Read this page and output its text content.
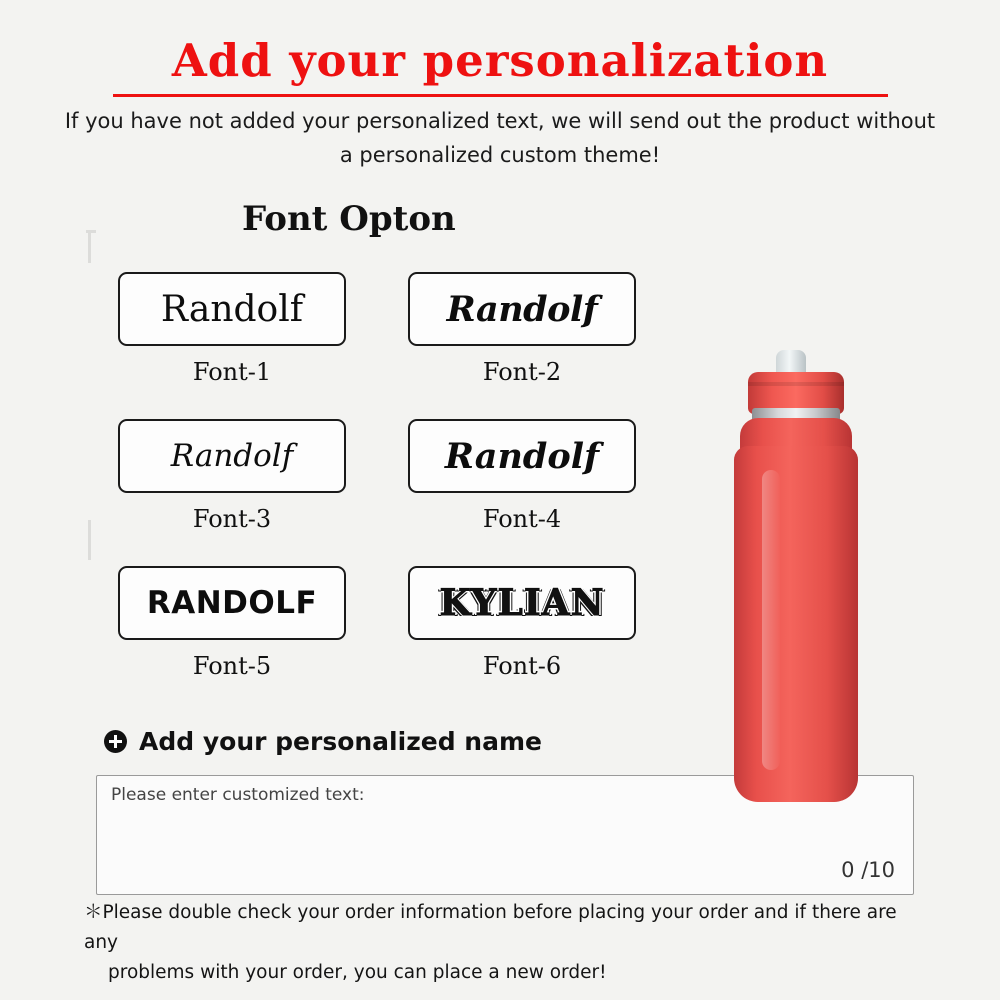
Add your personalization
If you have not added your personalized text, we will send out the product without a personalized custom theme!
Font Opton
Randolf
Font-1
Randolf
Font-2
Randolf
Font-3
Randolf
Font-4
RANDOLF
Font-5
KYLIAN
Font-6
Add your personalized name
Please enter customized text:
0 /10
＊Please double check your order information before placing your order and if there are any
problems with your order, you can place a new order!
